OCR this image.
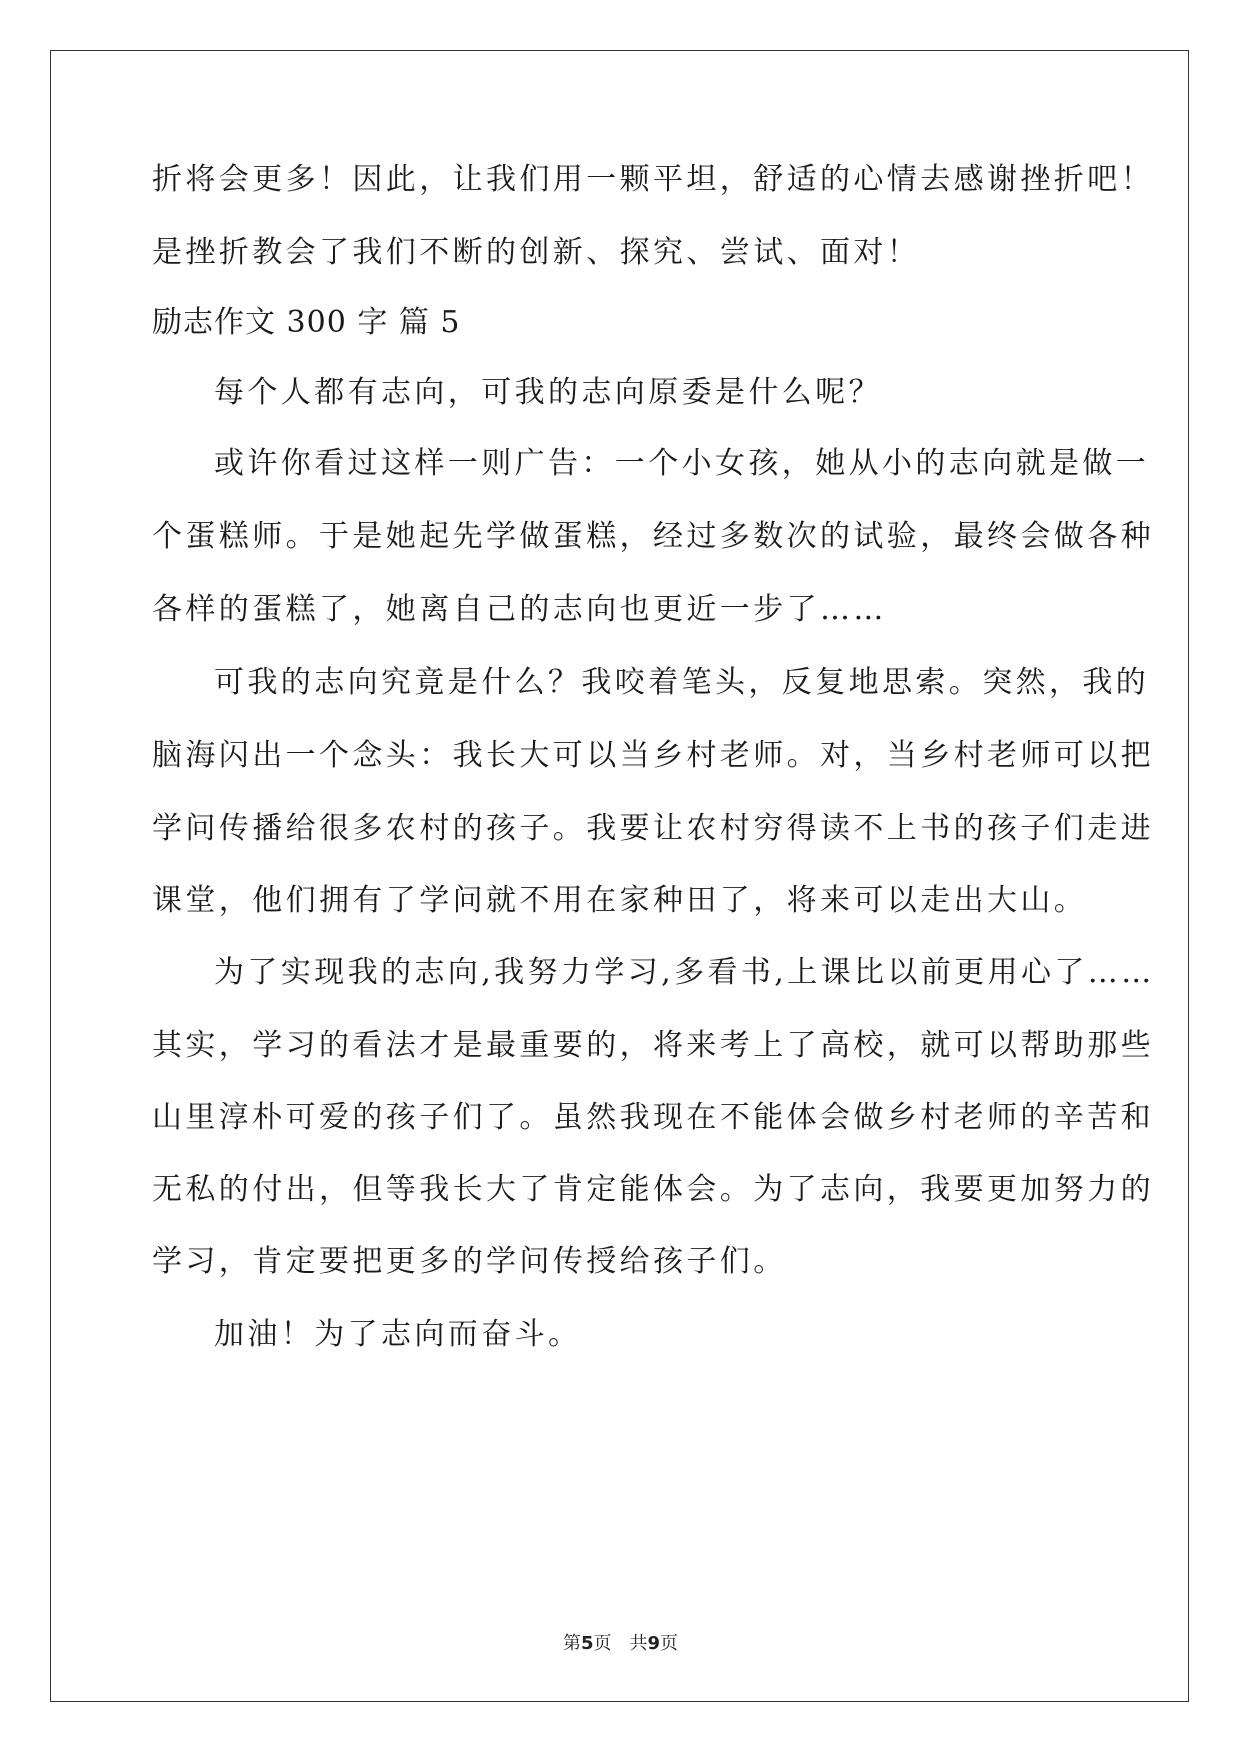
折将会更多！因此，让我们用一颗平坦，舒适的心情去感谢挫折吧！
是挫折教会了我们不断的创新、探究、尝试、面对！
励志作文 300 字 篇 5
每个人都有志向，可我的志向原委是什么呢？
或许你看过这样一则广告：一个小女孩，她从小的志向就是做一
个蛋糕师。于是她起先学做蛋糕，经过多数次的试验，最终会做各种
各样的蛋糕了，她离自己的志向也更近一步了……
可我的志向究竟是什么？我咬着笔头，反复地思索。突然，我的
脑海闪出一个念头：我长大可以当乡村老师。对，当乡村老师可以把
学问传播给很多农村的孩子。我要让农村穷得读不上书的孩子们走进
课堂，他们拥有了学问就不用在家种田了，将来可以走出大山。
为了实现我的志向,我努力学习,多看书,上课比以前更用心了……
其实，学习的看法才是最重要的，将来考上了高校，就可以帮助那些
山里淳朴可爱的孩子们了。虽然我现在不能体会做乡村老师的辛苦和
无私的付出，但等我长大了肯定能体会。为了志向，我要更加努力的
学习，肯定要把更多的学问传授给孩子们。
加油！为了志向而奋斗。
第5页 共9页
